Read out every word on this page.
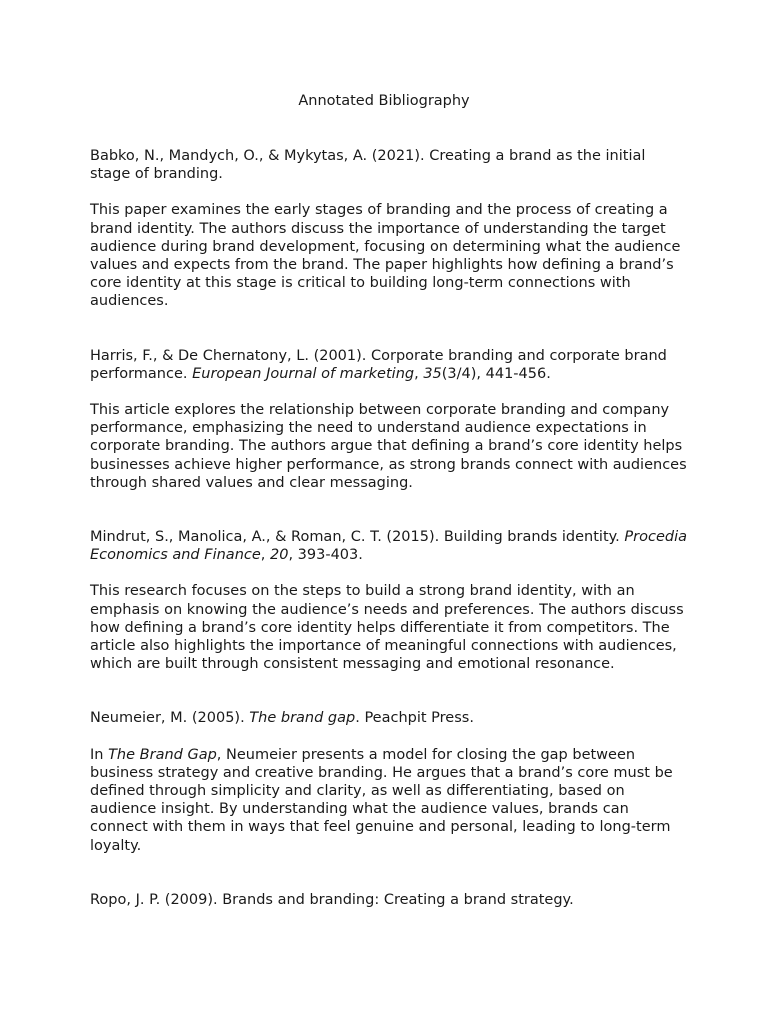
Annotated Bibliography

Babko, N., Mandych, O., & Mykytas, A. (2021). Creating a brand as the initial stage of branding.

This paper examines the early stages of branding and the process of creating a brand identity. The authors discuss the importance of understanding the target audience during brand development, focusing on determining what the audience values and expects from the brand. The paper highlights how defining a brand’s core identity at this stage is critical to building long-term connections with audiences.

Harris, F., & De Chernatony, L. (2001). Corporate branding and corporate brand performance. European Journal of marketing, 35(3/4), 441-456.

This article explores the relationship between corporate branding and company performance, emphasizing the need to understand audience expectations in corporate branding. The authors argue that defining a brand’s core identity helps businesses achieve higher performance, as strong brands connect with audiences through shared values and clear messaging.

Mindrut, S., Manolica, A., & Roman, C. T. (2015). Building brands identity. Procedia Economics and Finance, 20, 393-403.

This research focuses on the steps to build a strong brand identity, with an emphasis on knowing the audience’s needs and preferences. The authors discuss how defining a brand’s core identity helps differentiate it from competitors. The article also highlights the importance of meaningful connections with audiences, which are built through consistent messaging and emotional resonance.

Neumeier, M. (2005). The brand gap. Peachpit Press.

In The Brand Gap, Neumeier presents a model for closing the gap between business strategy and creative branding. He argues that a brand’s core must be defined through simplicity and clarity, as well as differentiating, based on audience insight. By understanding what the audience values, brands can connect with them in ways that feel genuine and personal, leading to long-term loyalty.

Ropo, J. P. (2009). Brands and branding: Creating a brand strategy.
